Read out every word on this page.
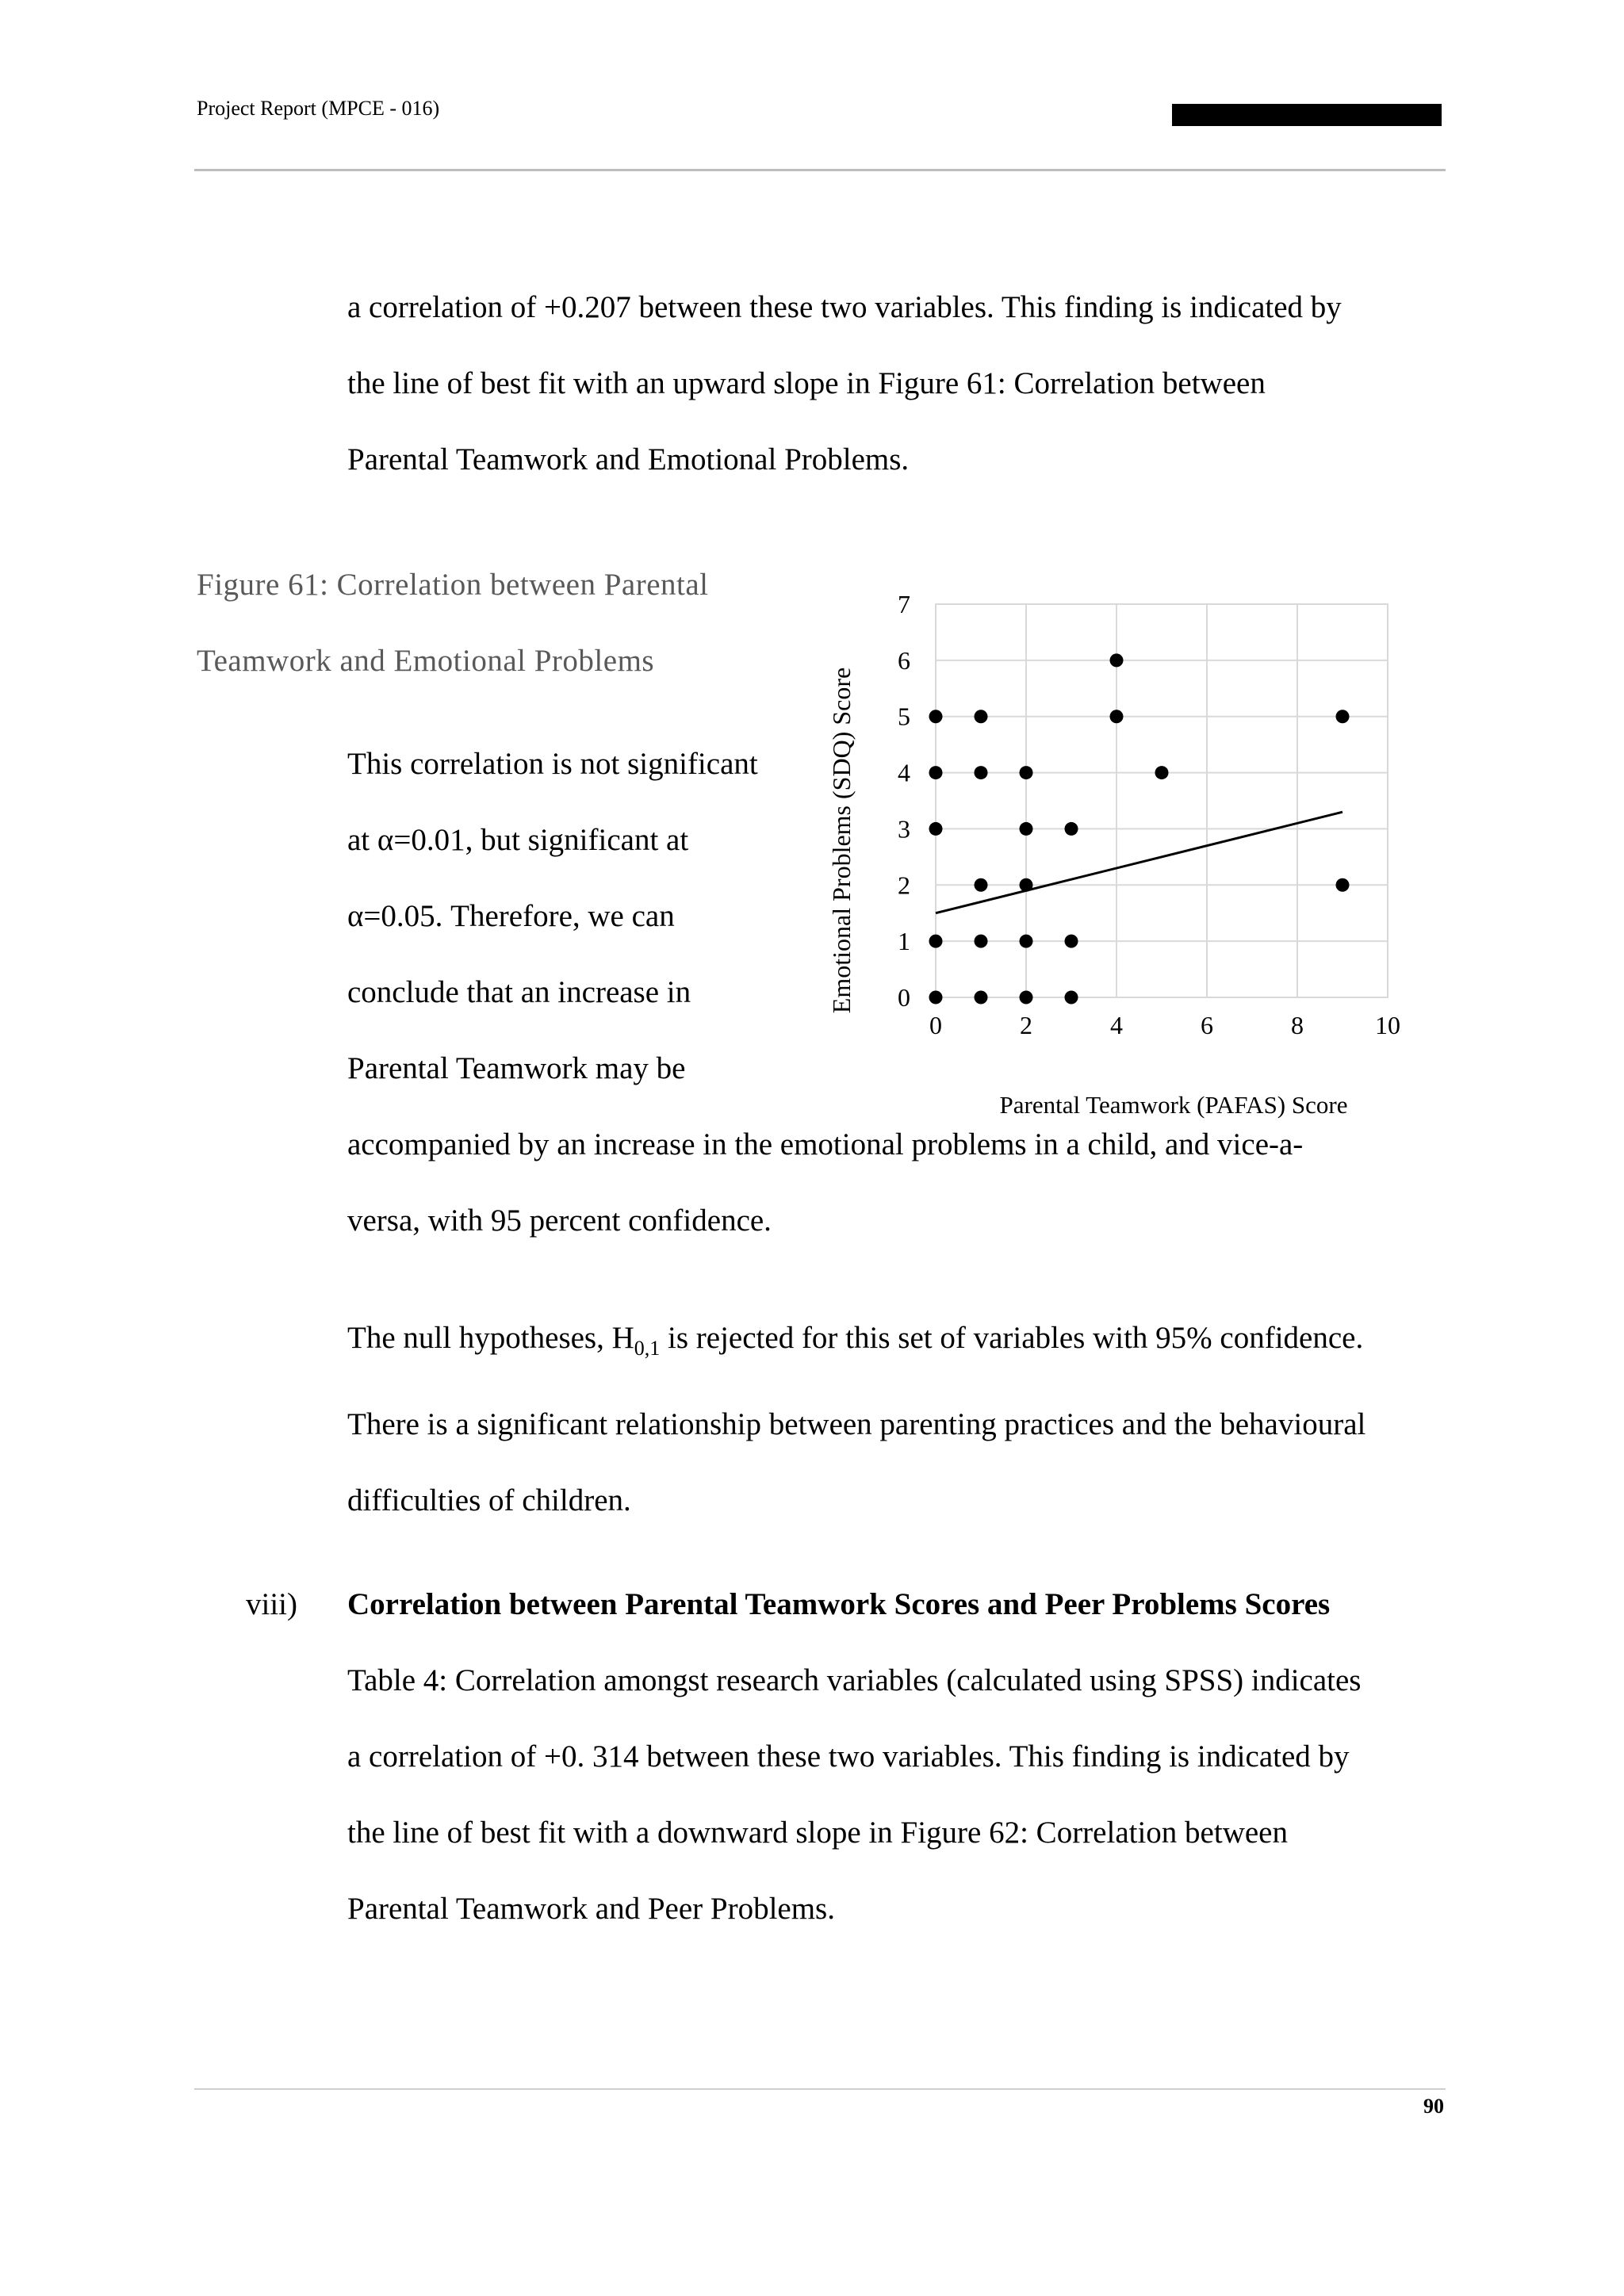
Project Report (MPCE - 016)
a correlation of +0.207 between these two variables. This finding is indicated by
the line of best fit with an upward slope in Figure 61: Correlation between
Parental Teamwork and Emotional Problems.
Figure 61: Correlation between Parental
Teamwork and Emotional Problems
This correlation is not significant
at α=0.01, but significant at
α=0.05. Therefore, we can
conclude that an increase in
Parental Teamwork may be
accompanied by an increase in the emotional problems in a child, and vice-a-
versa, with 95 percent confidence.
0
1
2
3
4
5
6
7
0	2	4	6	8	10
Emotional Problems (SDQ) Score
Parental Teamwork (PAFAS) Score
The null hypotheses, $H_{0,1}$ is rejected for this set of variables with 95% confidence.
There is a significant relationship between parenting practices and the behavioural
difficulties of children.
viii) Correlation between Parental Teamwork Scores and Peer Problems Scores
Table 4: Correlation amongst research variables (calculated using SPSS) indicates
a correlation of +0. 314 between these two variables. This finding is indicated by
the line of best fit with a downward slope in Figure 62: Correlation between
Parental Teamwork and Peer Problems.
90
